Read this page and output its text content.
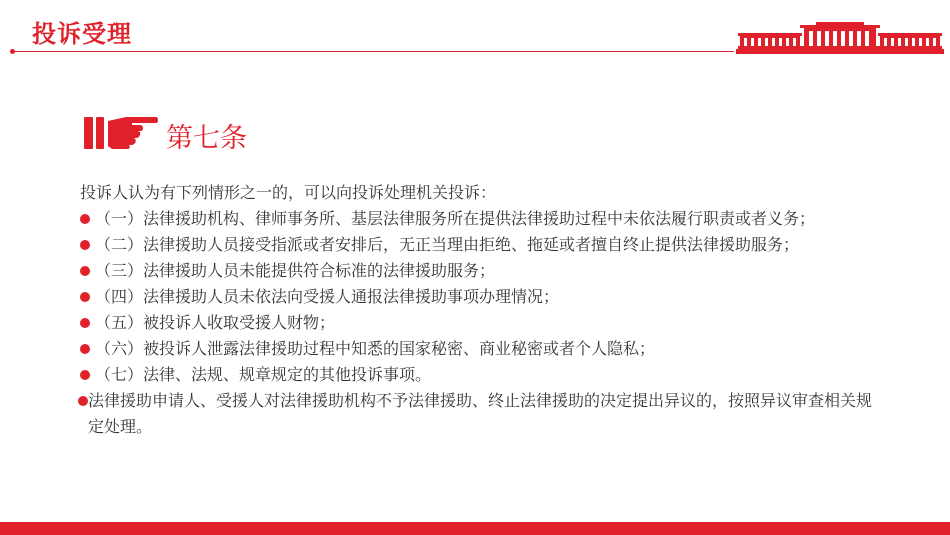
投诉受理
第七条
投诉人认为有下列情形之一的，可以向投诉处理机关投诉：
（一）法律援助机构、律师事务所、基层法律服务所在提供法律援助过程中未依法履行职责或者义务；
（二）法律援助人员接受指派或者安排后，无正当理由拒绝、拖延或者擅自终止提供法律援助服务；
（三）法律援助人员未能提供符合标准的法律援助服务；
（四）法律援助人员未依法向受援人通报法律援助事项办理情况；
（五）被投诉人收取受援人财物；
（六）被投诉人泄露法律援助过程中知悉的国家秘密、商业秘密或者个人隐私；
（七）法律、法规、规章规定的其他投诉事项。
法律援助申请人、受援人对法律援助机构不予法律援助、终止法律援助的决定提出异议的，按照异议审查相关规定处理。
